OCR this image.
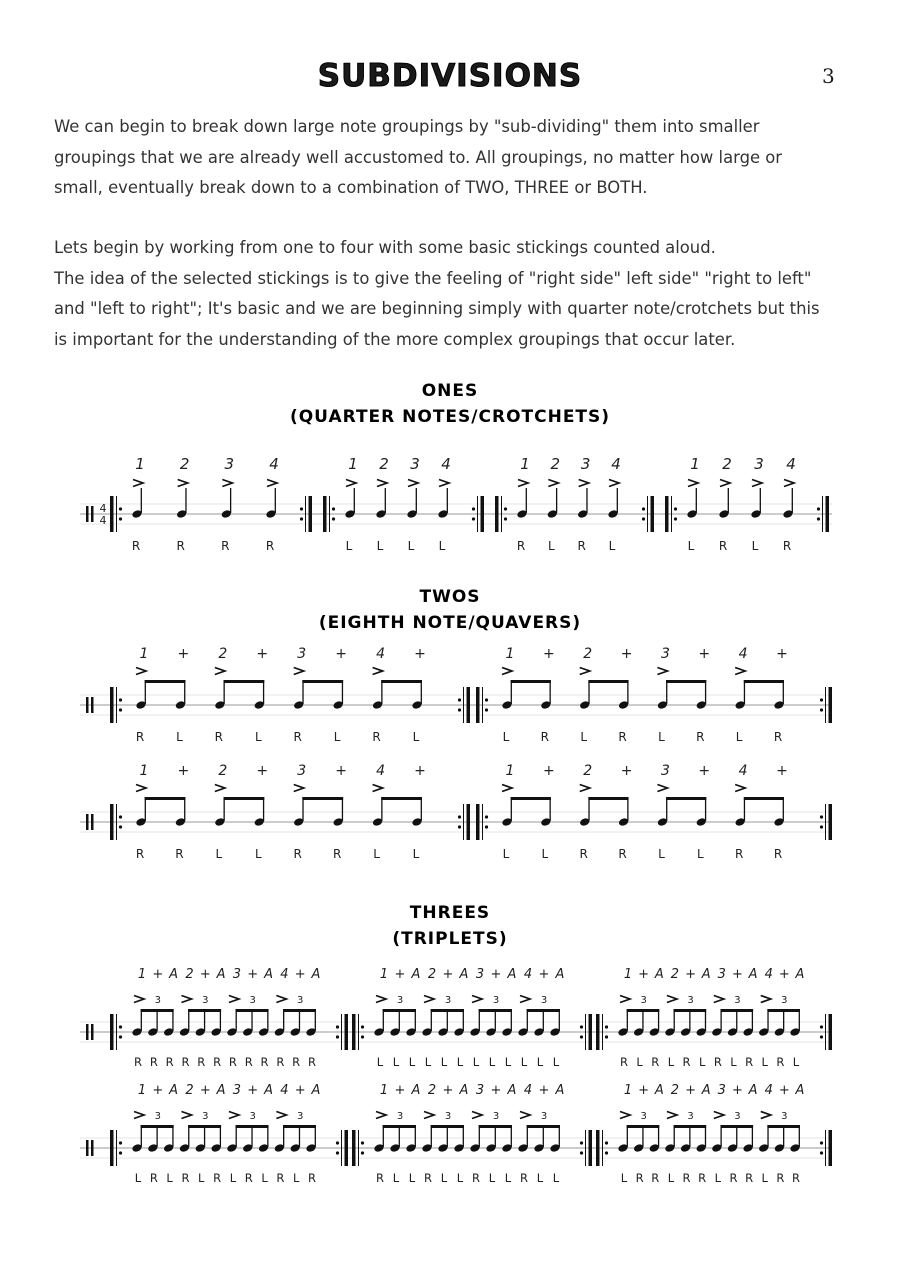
3
SUBDIVISIONS
We can begin to break down large note groupings by "sub-dividing" them into smaller
groupings that we are already well accustomed to. All groupings, no matter how large or
small, eventually break down to a combination of TWO, THREE or BOTH.
Lets begin by working from one to four with some basic stickings counted aloud.
The idea of the selected stickings is to give the feeling of "right side" left side" "right to left"
and "left to right"; It's basic and we are beginning simply with quarter note/crotchets but this
is important for the understanding of the more complex groupings that occur later.
ONES
(QUARTER NOTES/CROTCHETS)
TWOS
(EIGHTH NOTE/QUAVERS)
THREES
(TRIPLETS)
4
4
1
R
2
R
3
R
4
R
1
L
2
L
3
L
4
L
1
R
2
L
3
R
4
L
1
L
2
R
3
L
4
R
1
R
+
L
2
R
+
L
3
R
+
L
4
R
+
L
1
L
+
R
2
L
+
R
3
L
+
R
4
L
+
R
1
R
+
R
2
L
+
L
3
R
+
R
4
L
+
L
1
L
+
L
2
R
+
R
3
L
+
L
4
R
+
R
3
1
R
+
R
A
R
3
2
R
+
R
A
R
3
3
R
+
R
A
R
3
4
R
+
R
A
R
3
1
L
+
L
A
L
3
2
L
+
L
A
L
3
3
L
+
L
A
L
3
4
L
+
L
A
L
3
1
R
+
L
A
R
3
2
L
+
R
A
L
3
3
R
+
L
A
R
3
4
L
+
R
A
L
3
1
L
+
R
A
L
3
2
R
+
L
A
R
3
3
L
+
R
A
L
3
4
R
+
L
A
R
3
1
R
+
L
A
L
3
2
R
+
L
A
L
3
3
R
+
L
A
L
3
4
R
+
L
A
L
3
1
L
+
R
A
R
3
2
L
+
R
A
R
3
3
L
+
R
A
R
3
4
L
+
R
A
R
